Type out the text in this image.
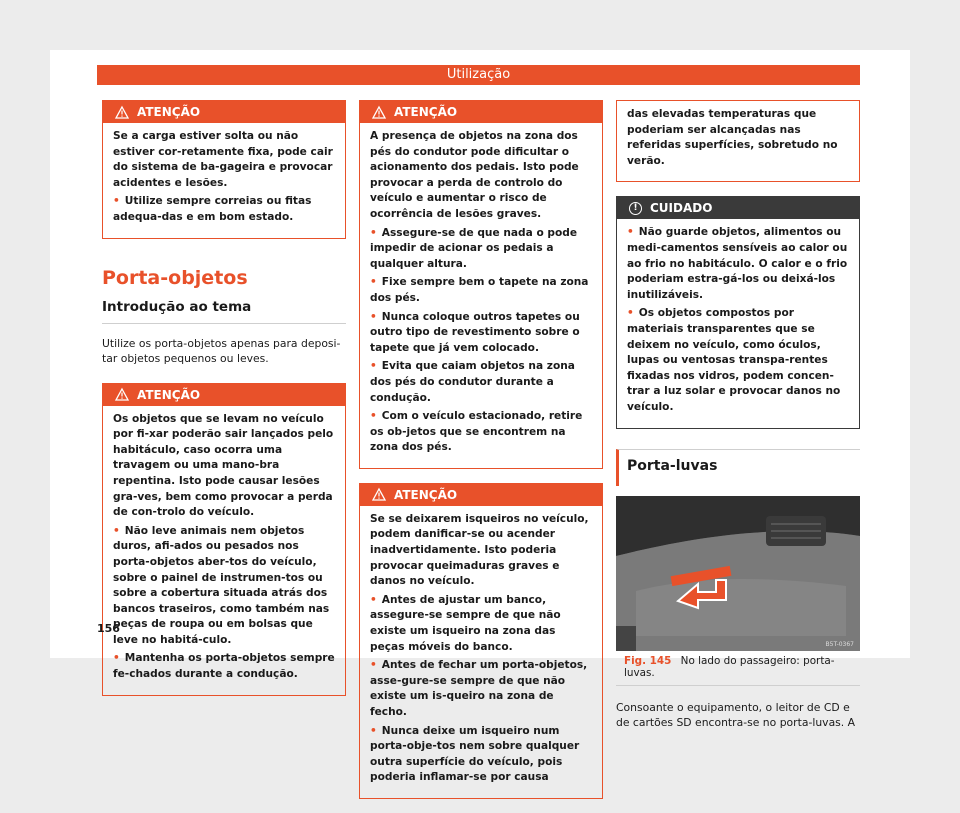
Utilização
ATENÇÃO

Se a carga estiver solta ou não estiver cor-retamente fixa, pode cair do sistema de ba-gageira e provocar acidentes e lesões.

• Utilize sempre correias ou fitas adequa-das e em bom estado.

Porta-objetos
Introdução ao tema
Utilize os porta-objetos apenas para deposi-tar objetos pequenos ou leves.
ATENÇÃO

Os objetos que se levam no veículo por fi-xar poderão sair lançados pelo habitáculo, caso ocorra uma travagem ou uma mano-bra repentina. Isto pode causar lesões gra-ves, bem como provocar a perda de con-trolo do veículo.

• Não leve animais nem objetos duros, afi-ados ou pesados nos porta-objetos aber-tos do veículo, sobre o painel de instrumen-tos ou sobre a cobertura situada atrás dos bancos traseiros, como também nas peças de roupa ou em bolsas que leve no habitá-culo.

• Mantenha os porta-objetos sempre fe-chados durante a condução.

ATENÇÃO

A presença de objetos na zona dos pés do condutor pode dificultar o acionamento dos pedais. Isto pode provocar a perda de controlo do veículo e aumentar o risco de ocorrência de lesões graves.

• Assegure-se de que nada o pode impedir de acionar os pedais a qualquer altura.

• Fixe sempre bem o tapete na zona dos pés.

• Nunca coloque outros tapetes ou outro tipo de revestimento sobre o tapete que já vem colocado.

• Evita que caiam objetos na zona dos pés do condutor durante a condução.

• Com o veículo estacionado, retire os ob-jetos que se encontrem na zona dos pés.

ATENÇÃO

Se se deixarem isqueiros no veículo, podem danificar-se ou acender inadvertidamente. Isto poderia provocar queimaduras graves e danos no veículo.

• Antes de ajustar um banco, assegure-se sempre de que não existe um isqueiro na zona das peças móveis do banco.

• Antes de fechar um porta-objetos, asse-gure-se sempre de que não existe um is-queiro na zona de fecho.

• Nunca deixe um isqueiro num porta-obje-tos nem sobre qualquer outra superfície do veículo, pois poderia inflamar-se por causa

das elevadas temperaturas que poderiam ser alcançadas nas referidas superfícies, sobretudo no verão.

!	CUIDADO

• Não guarde objetos, alimentos ou medi-camentos sensíveis ao calor ou ao frio no habitáculo. O calor e o frio poderiam estra-gá-los ou deixá-los inutilizáveis.

• Os objetos compostos por materiais transparentes que se deixem no veículo, como óculos, lupas ou ventosas transpa-rentes fixadas nos vidros, podem concen-trar a luz solar e provocar danos no veículo.

Porta-luvas
B5T-0367
Fig. 145 No lado do passageiro: porta-luvas.
Consoante o equipamento, o leitor de CD e de cartões SD encontra-se no porta-luvas. A
156
